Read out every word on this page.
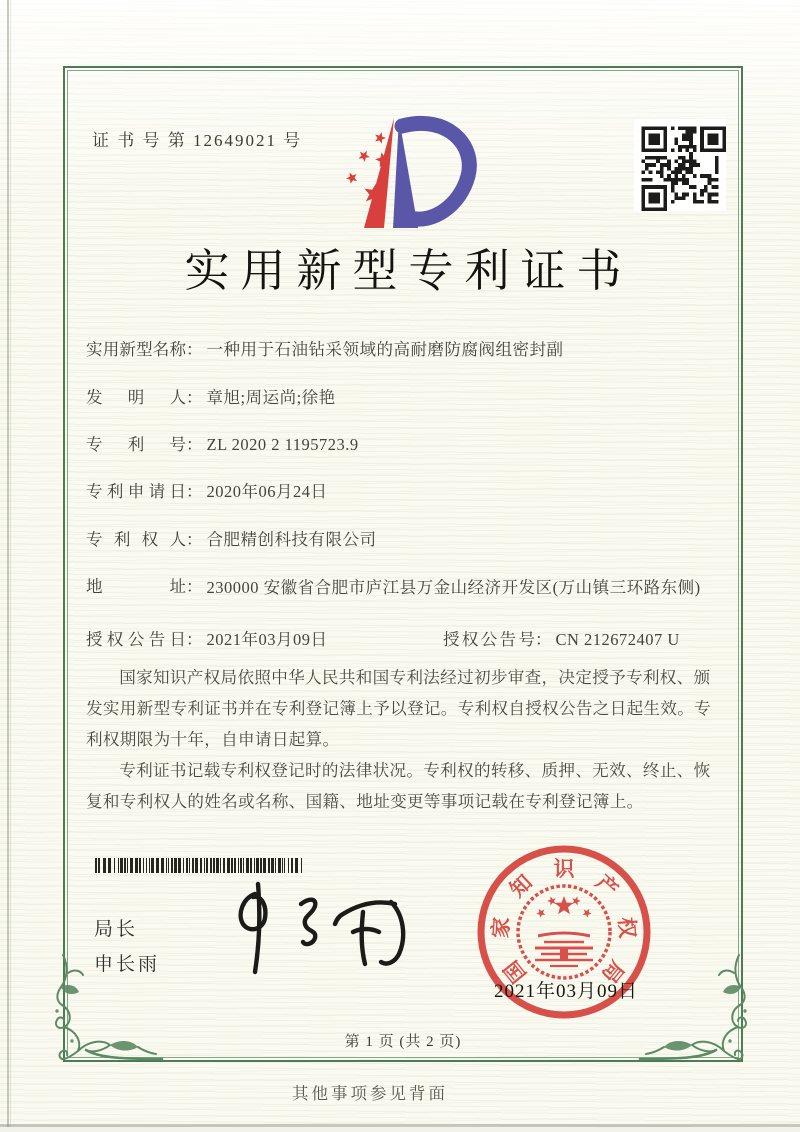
证 书 号 第 12649021 号
实用新型专利证书
实用新型名称： 一种用于石油钻采领域的高耐磨防腐阀组密封副
发明人： 章旭;周运尚;徐艳
专利号： ZL 2020 2 1195723.9
专利申请日： 2020年06月24日
专利权人： 合肥精创科技有限公司
地址： 230000 安徽省合肥市庐江县万金山经济开发区(万山镇三环路东侧)
授权公告日： 2021年03月09日	授权公告号： CN 212672407 U

国家知识产权局依照中华人民共和国专利法经过初步审查，决定授予专利权、颁发实用新型专利证书并在专利登记簿上予以登记。专利权自授权公告之日起生效。专利权期限为十年，自申请日起算。

专利证书记载专利权登记时的法律状况。专利权的转移、质押、无效、终止、恢复和专利权人的姓名或名称、国籍、地址变更等事项记载在专利登记簿上。

局长
申长雨	国
家
知
识
产
权
局
2021年03月09日
第 1 页 (共 2 页)
其他事项参见背面
